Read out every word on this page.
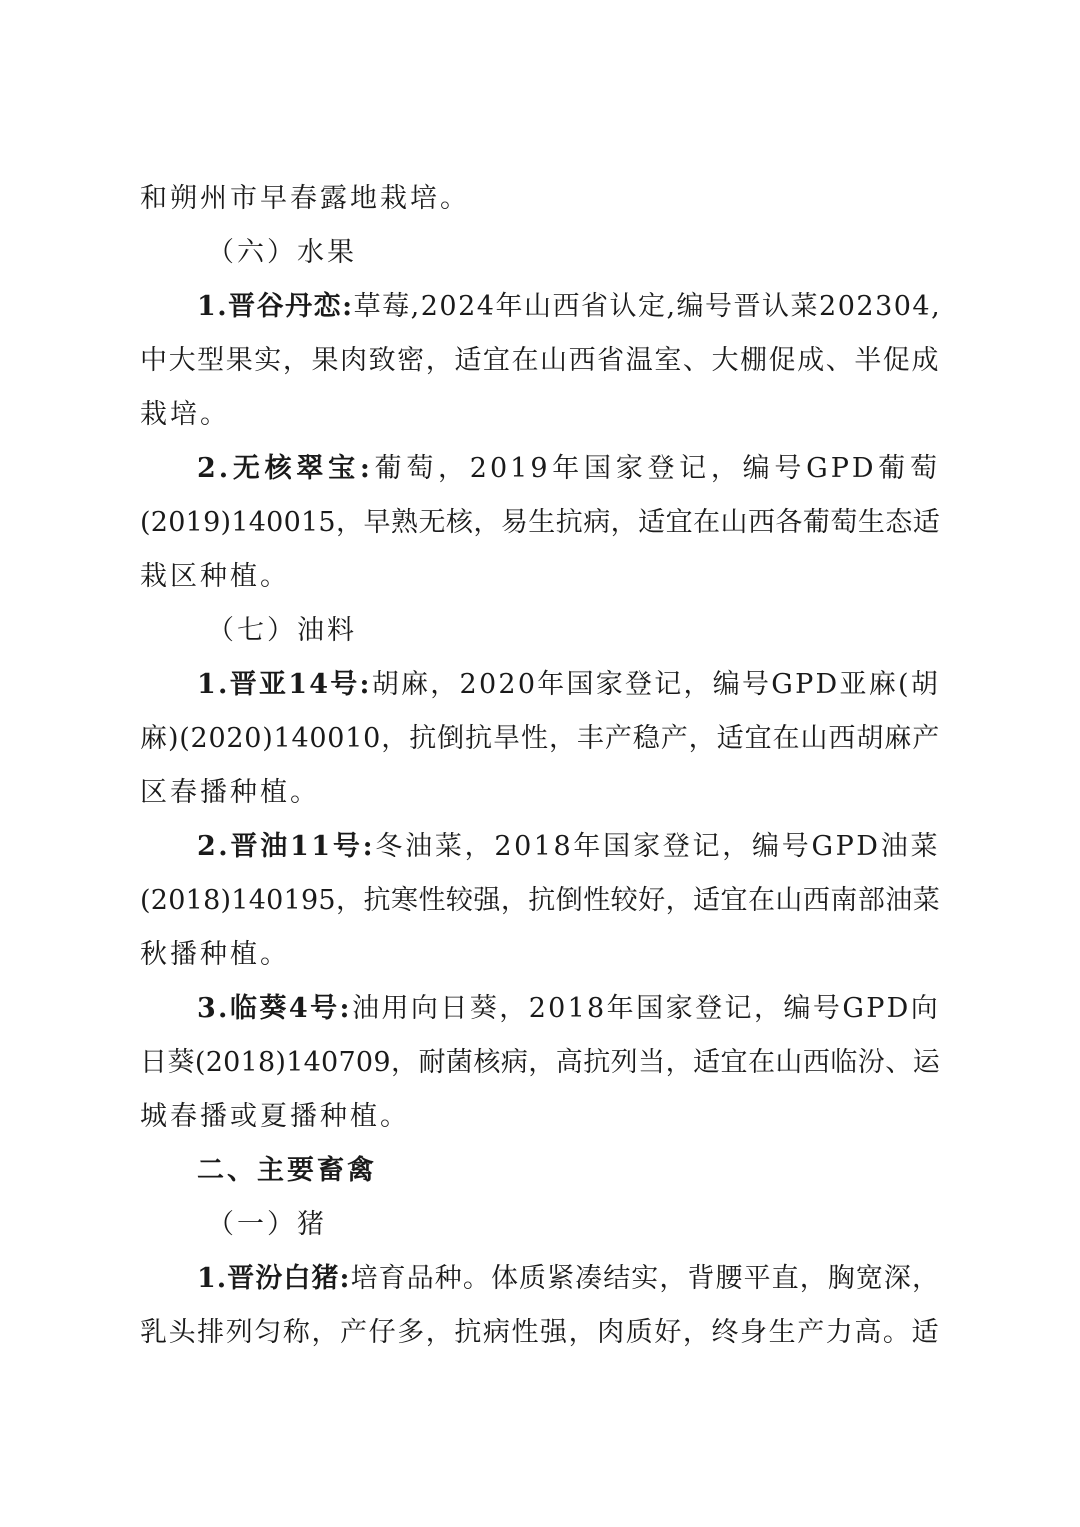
和朔州市早春露地栽培。
（六）水果
1.晋谷丹恋:草莓,2024年山西省认定,编号晋认菜202304,
中大型果实，果肉致密，适宜在山西省温室、大棚促成、半促成
栽培。
2.无核翠宝:葡萄，2019年国家登记，编号GPD葡萄
(2019)140015，早熟无核，易生抗病，适宜在山西各葡萄生态适
栽区种植。
（七）油料
1.晋亚14号:胡麻，2020年国家登记，编号GPD亚麻(胡
麻)(2020)140010，抗倒抗旱性，丰产稳产，适宜在山西胡麻产
区春播种植。
2.晋油11号:冬油菜，2018年国家登记，编号GPD油菜
(2018)140195，抗寒性较强，抗倒性较好，适宜在山西南部油菜
秋播种植。
3.临葵4号:油用向日葵，2018年国家登记，编号GPD向
日葵(2018)140709，耐菌核病，高抗列当，适宜在山西临汾、运
城春播或夏播种植。
二、主要畜禽
（一）猪
1.晋汾白猪:培育品种。体质紧凑结实，背腰平直，胸宽深，
乳头排列匀称，产仔多，抗病性强，肉质好，终身生产力高。适
